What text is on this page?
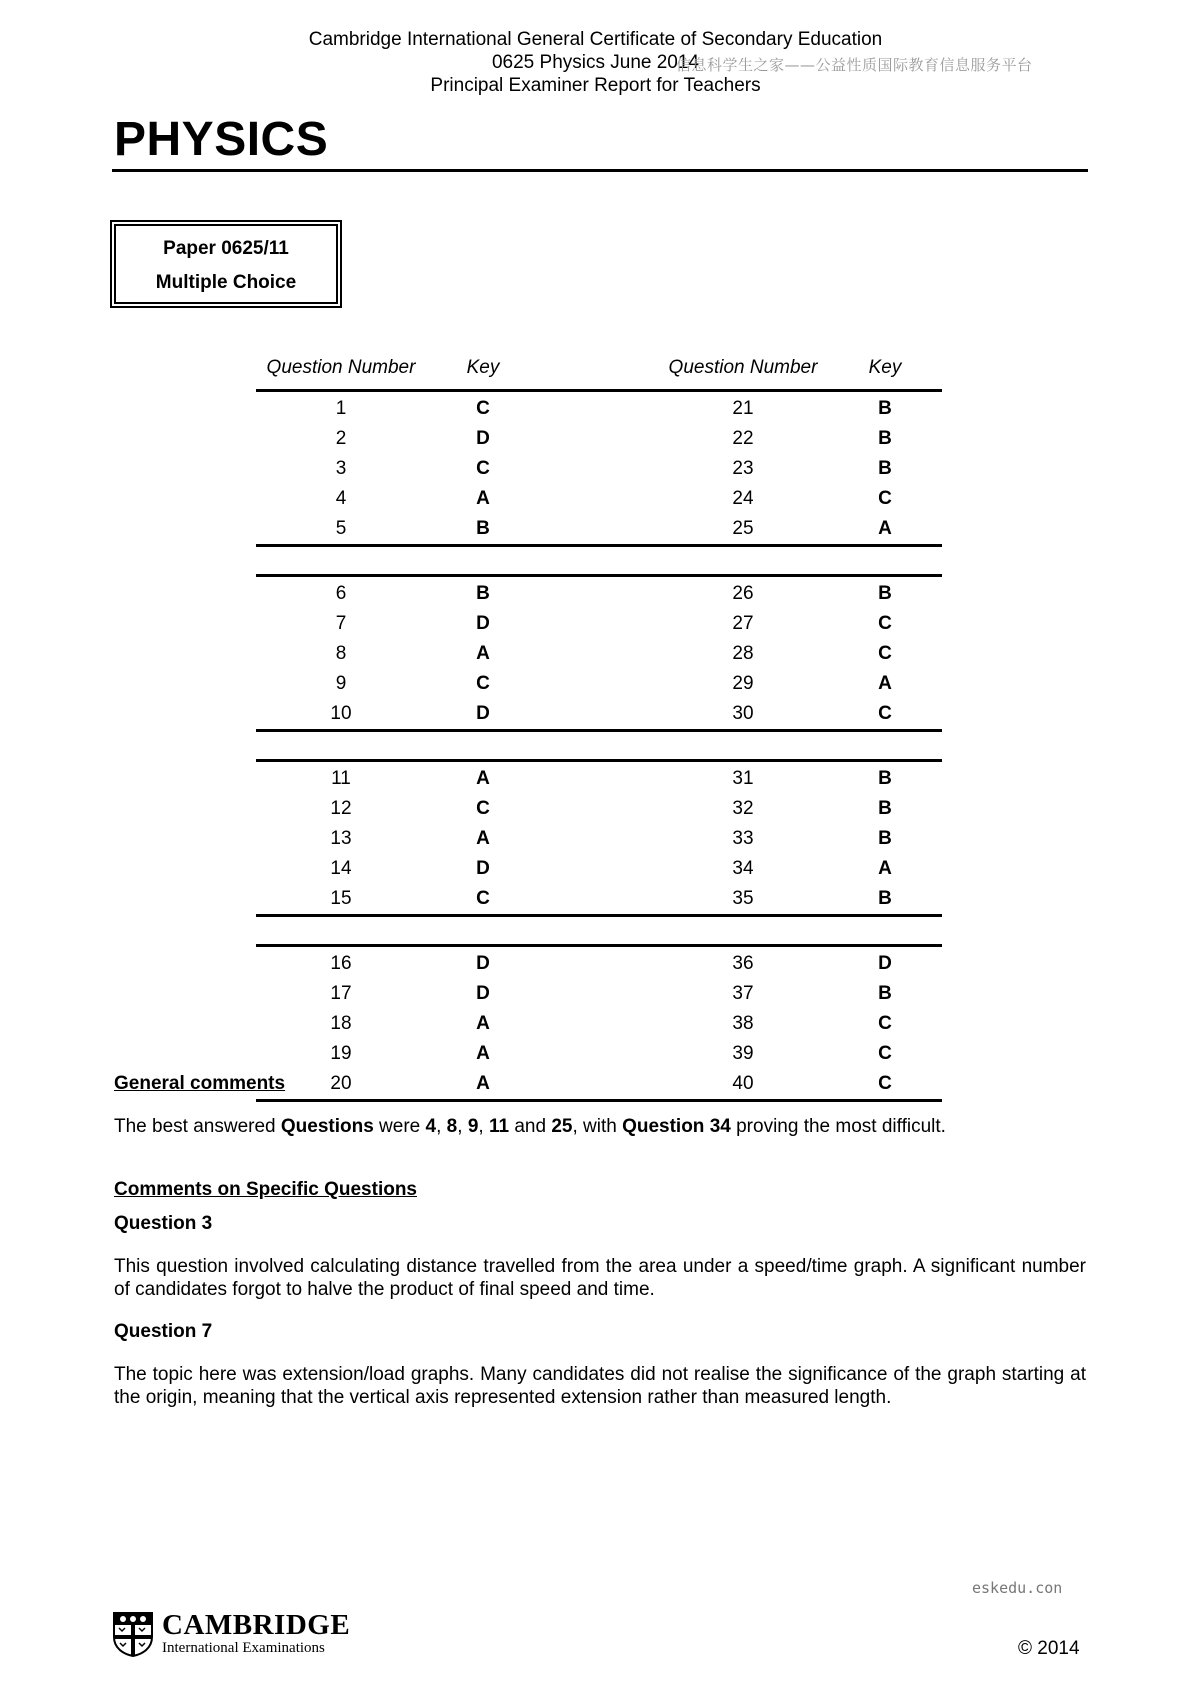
Cambridge International General Certificate of Secondary Education
0625 Physics June 2014
Principal Examiner Report for Teachers
信息科学生之家——公益性质国际教育信息服务平台
PHYSICS
Paper 0625/11
Multiple Choice
Question Number	Key		Question Number	Key
1	C		21	B
2	D		22	B
3	C		23	B
4	A		24	C
5	B		25	A

6	B		26	B
7	D		27	C
8	A		28	C
9	C		29	A
10	D		30	C

11	A		31	B
12	C		32	B
13	A		33	B
14	D		34	A
15	C		35	B

16	D		36	D
17	D		37	B
18	A		38	C
19	A		39	C
20	A		40	C
General comments
The best answered Questions were 4, 8, 9, 11 and 25, with Question 34 proving the most difficult.
Comments on Specific Questions
Question 3
This question involved calculating distance travelled from the area under a speed/time graph. A significant number of candidates forgot to halve the product of final speed and time.
Question 7
The topic here was extension/load graphs. Many candidates did not realise the significance of the graph starting at the origin, meaning that the vertical axis represented extension rather than measured length.
eskedu.con
CAMBRIDGE
International Examinations	© 2014
